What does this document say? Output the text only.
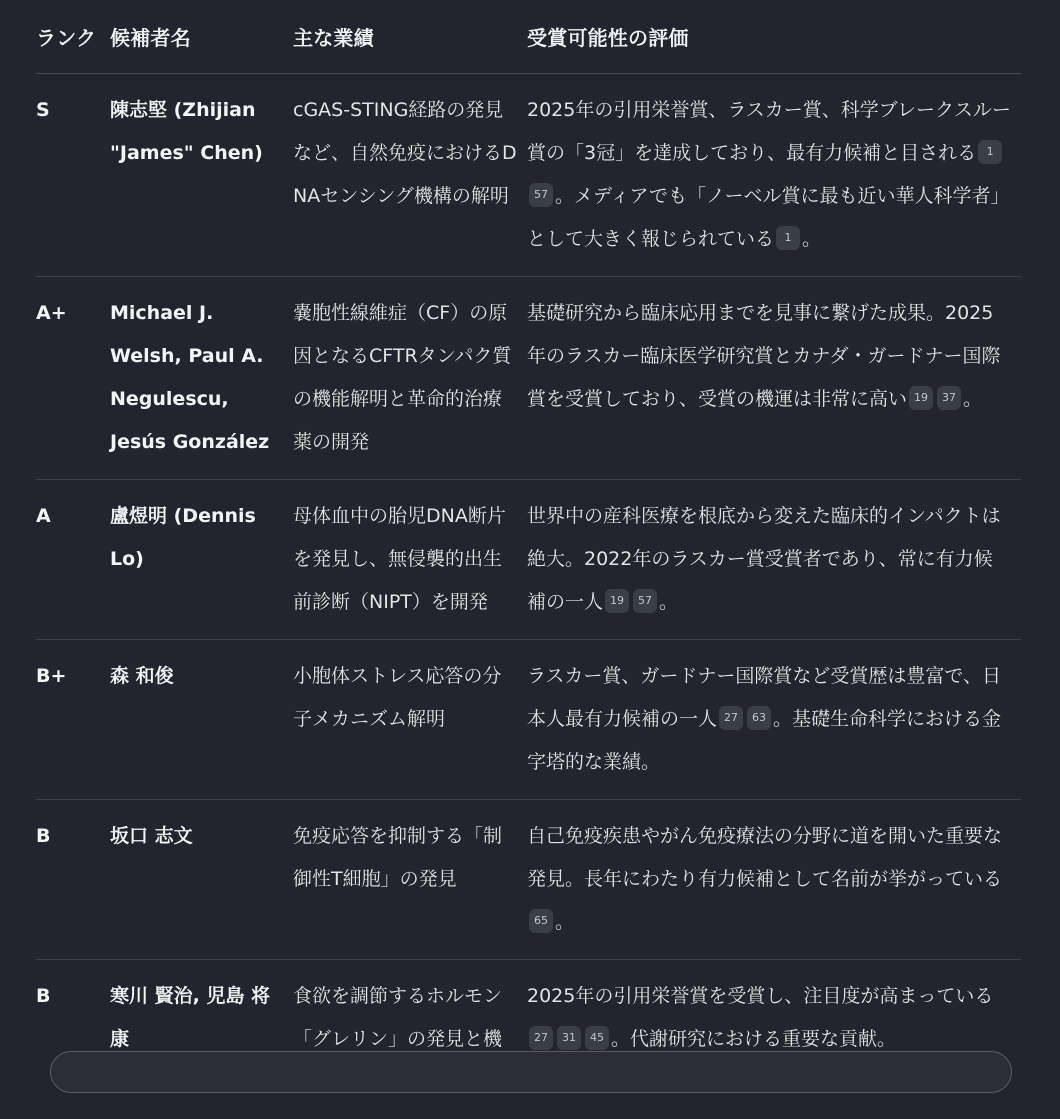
ランク	候補者名	主な業績	受賞可能性の評価
S	陳志堅 (Zhijian "James" Chen)	cGAS-STING経路の発見など、自然免疫におけるDNAセンシング機構の解明	2025年の引用栄誉賞、ラスカー賞、科学ブレークスルー賞の「3冠」を達成しており、最有力候補と目される 157 。メディアでも「ノーベル賞に最も近い華人科学者」として大きく報じられている 1 。
A+	Michael J. Welsh, Paul A. Negulescu, Jesús González	嚢胞性線維症（CF）の原因となるCFTRタンパク質の機能解明と革命的治療薬の開発	基礎研究から臨床応用までを見事に繋げた成果。2025年のラスカー臨床医学研究賞とカナダ・ガードナー国際賞を受賞しており、受賞の機運は非常に高い 19 37 。
A	盧煜明 (Dennis Lo)	母体血中の胎児DNA断片を発見し、無侵襲的出生前診断（NIPT）を開発	世界中の産科医療を根底から変えた臨床的インパクトは絶大。2022年のラスカー賞受賞者であり、常に有力候補の一人 19 57 。
B+	森 和俊	小胞体ストレス応答の分子メカニズム解明	ラスカー賞、ガードナー国際賞など受賞歴は豊富で、日本人最有力候補の一人 27 63 。基礎生命科学における金字塔的な業績。
B	坂口 志文	免疫応答を抑制する「制御性T細胞」の発見	自己免疫疾患やがん免疫療法の分野に道を開いた重要な発見。長年にわたり有力候補として名前が挙がっている65 。
B	寒川 賢治, 児島 将康	食欲を調節するホルモン「グレリン」の発見と機	2025年の引用栄誉賞を受賞し、注目度が高まっている27 31 45 。代謝研究における重要な貢献。
